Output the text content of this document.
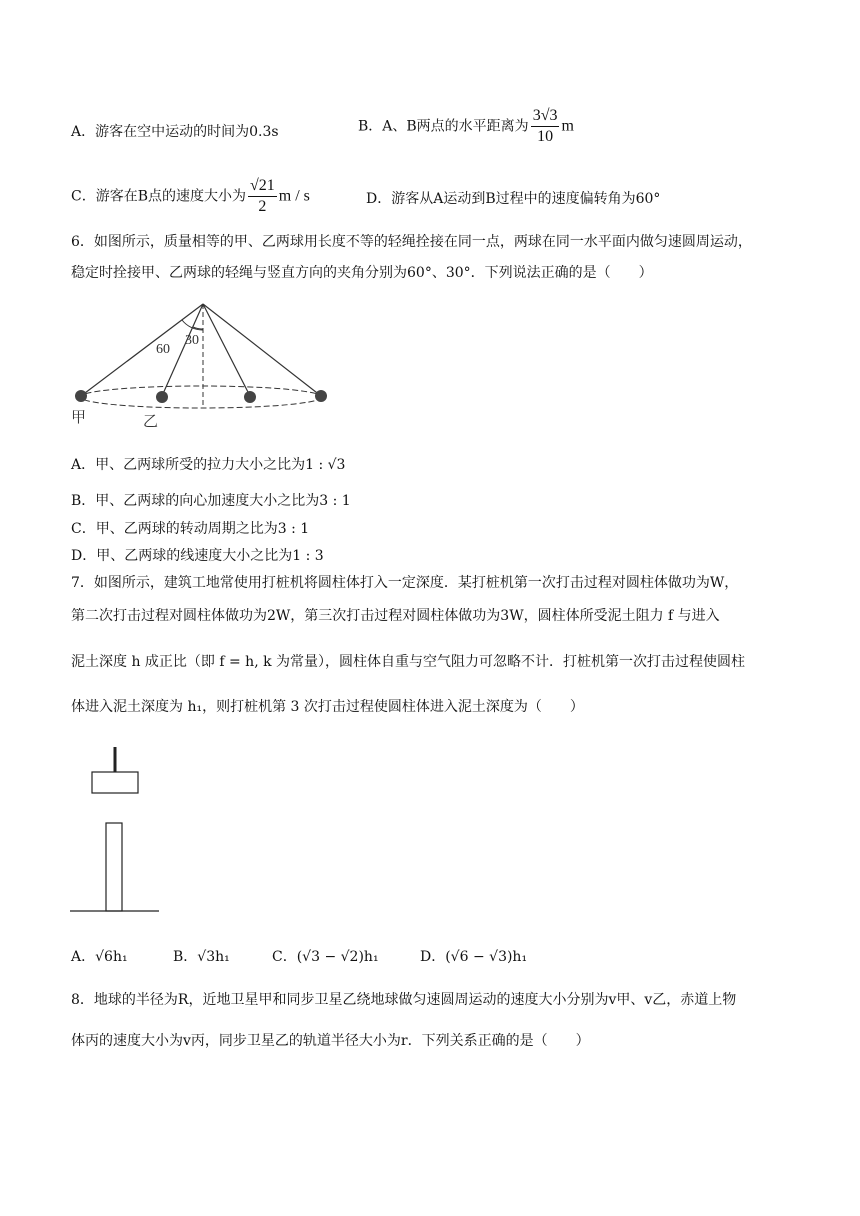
A．游客在空中运动的时间为0.3s	B．A、B两点的水平距离为 $\frac{3√3}{10}$ m
C．游客在B点的速度大小为 $\frac{√21}{2}$ m / s	D．游客从A运动到B过程中的速度偏转角为60°
6．如图所示，质量相等的甲、乙两球用长度不等的轻绳拴接在同一点，两球在同一水平面内做匀速圆周运动，
稳定时拴接甲、乙两球的轻绳与竖直方向的夹角分别为60°、30°．下列说法正确的是（　　）
60
30
甲	乙
A．甲、乙两球所受的拉力大小之比为1 : √3
B．甲、乙两球的向心加速度大小之比为3 : 1
C．甲、乙两球的转动周期之比为3 : 1
D．甲、乙两球的线速度大小之比为1 : 3
7．如图所示，建筑工地常使用打桩机将圆柱体打入一定深度．某打桩机第一次打击过程对圆柱体做功为W，
第二次打击过程对圆柱体做功为2W，第三次打击过程对圆柱体做功为3W，圆柱体所受泥土阻力 f 与进入
泥土深度 h 成正比（即 f = h, k 为常量），圆柱体自重与空气阻力可忽略不计．打桩机第一次打击过程使圆柱
体进入泥土深度为 h₁，则打桩机第 3 次打击过程使圆柱体进入泥土深度为（　　）
A．√6h₁	B．√3h₁	C．(√3 − √2)h₁	D．(√6 − √3)h₁
8．地球的半径为R，近地卫星甲和同步卫星乙绕地球做匀速圆周运动的速度大小分别为v甲、v乙，赤道上物
体丙的速度大小为v丙，同步卫星乙的轨道半径大小为r．下列关系正确的是（　　）
